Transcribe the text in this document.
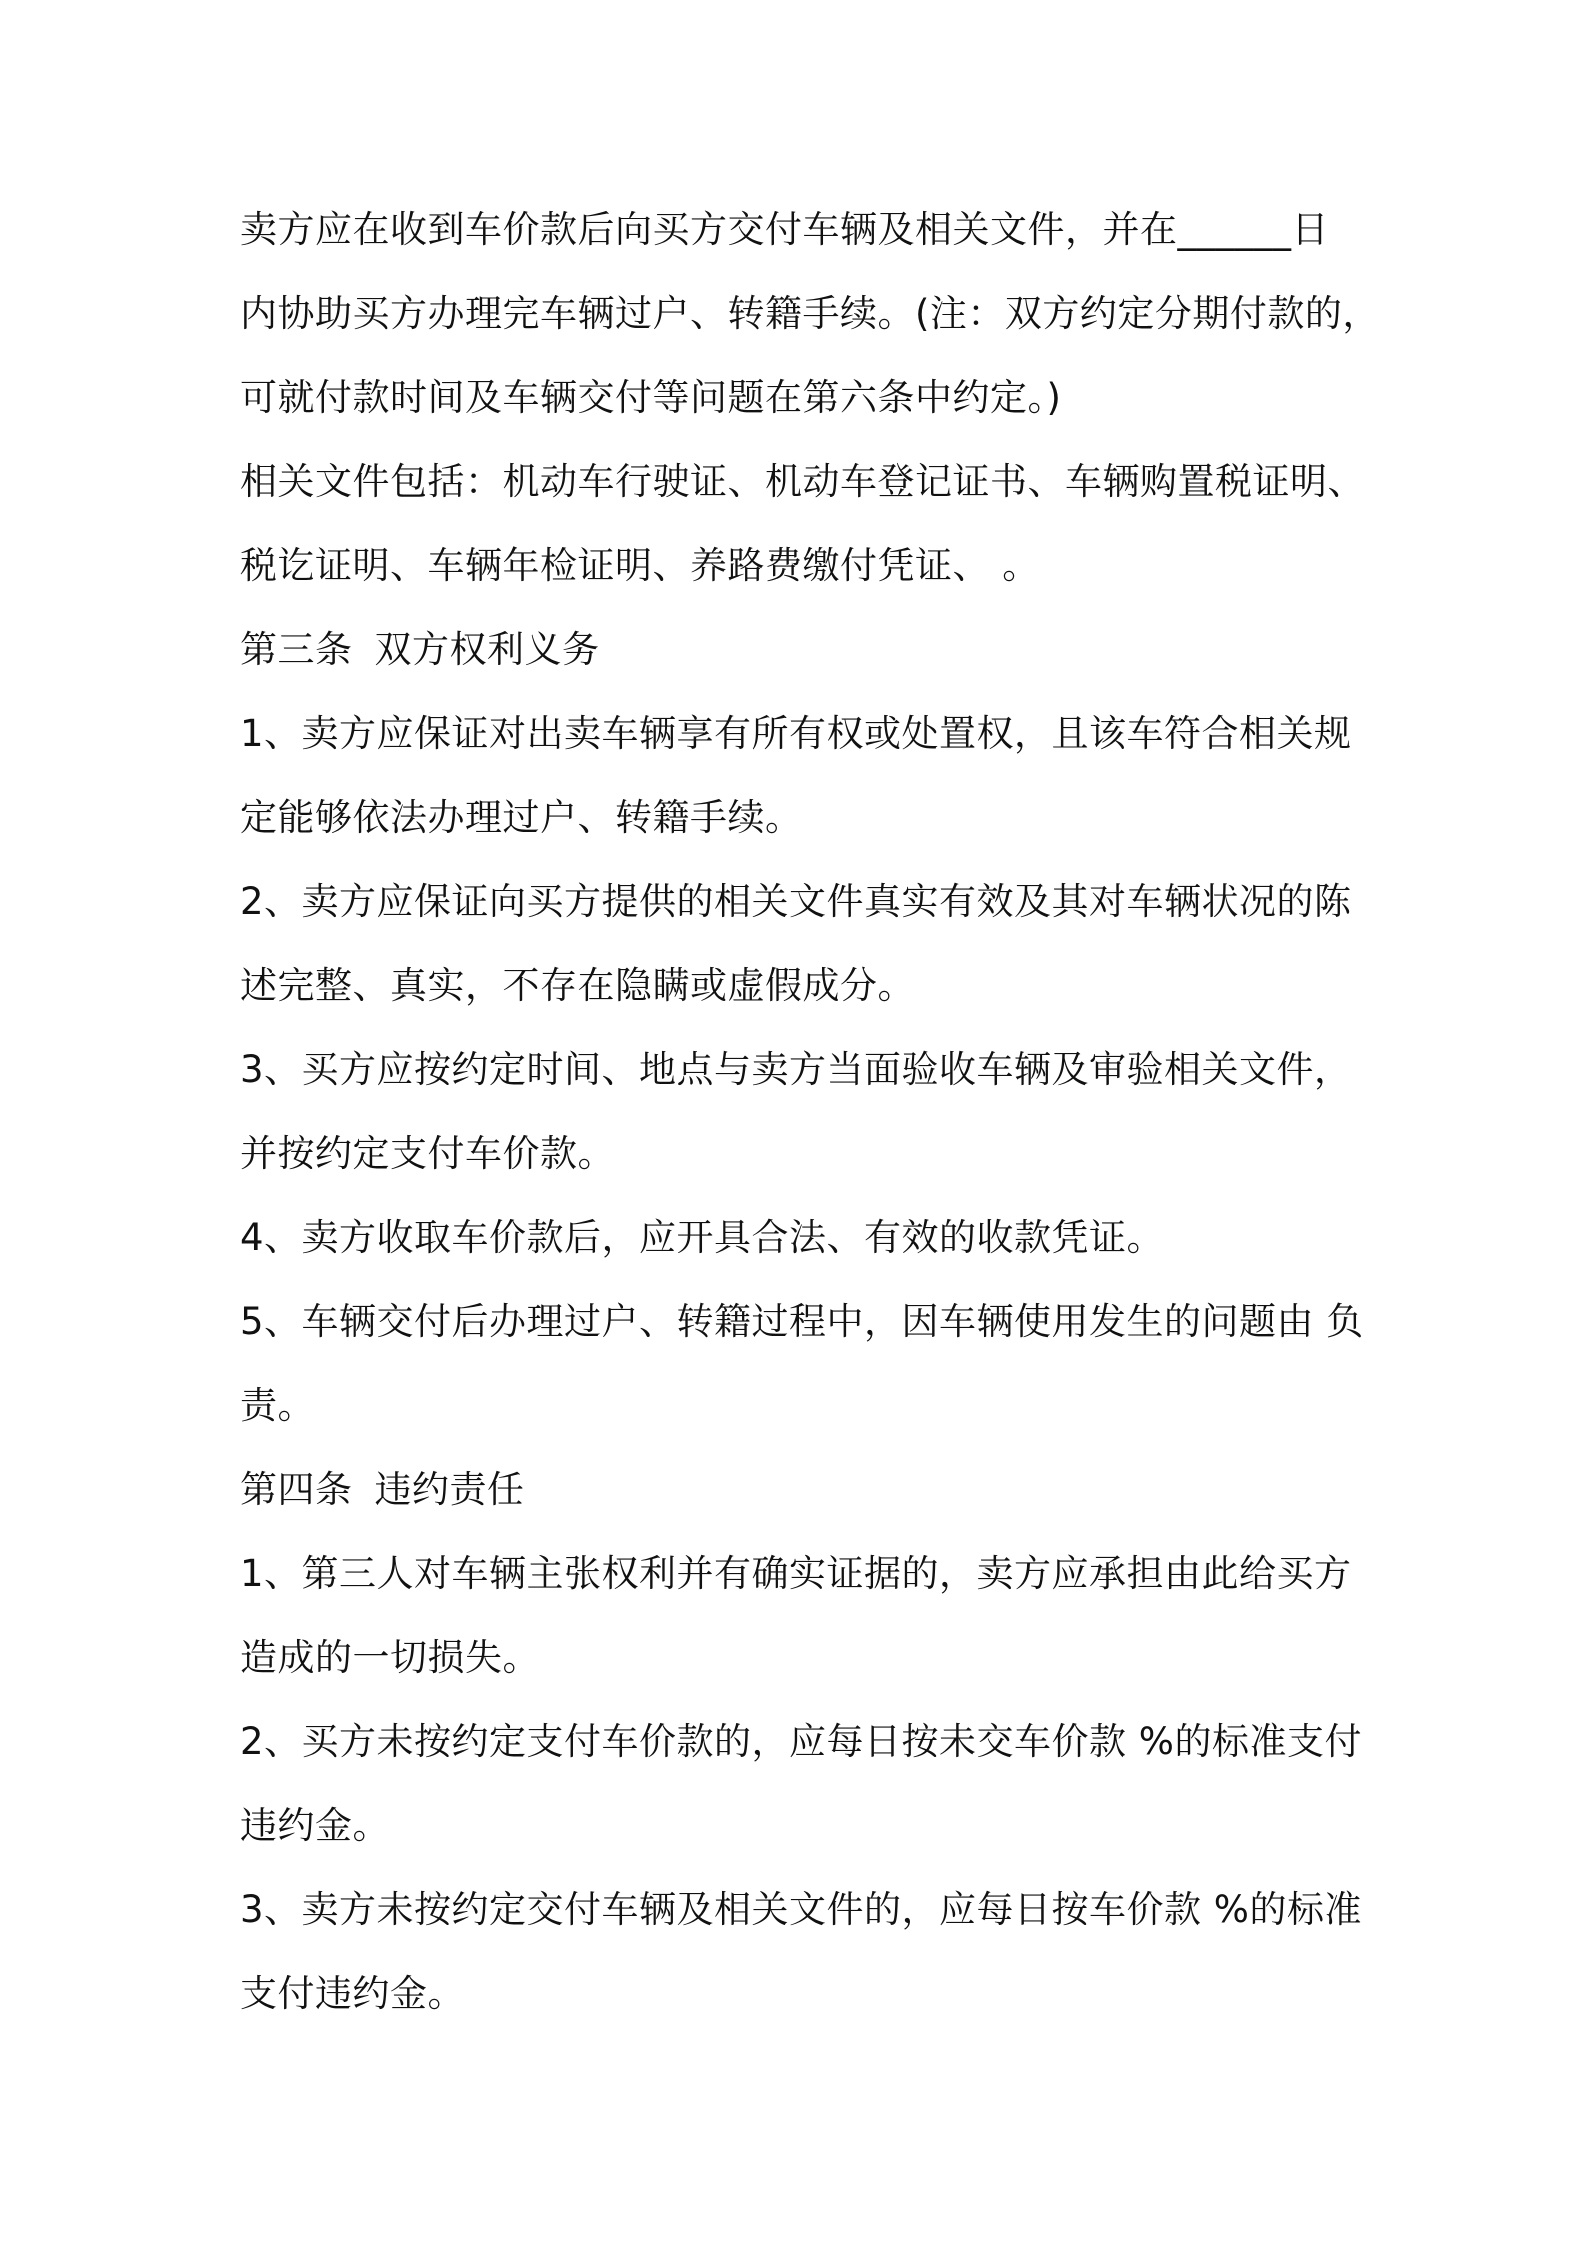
卖方应在收到车价款后向买方交付车辆及相关文件，并在______日
内协助买方办理完车辆过户、转籍手续。(注：双方约定分期付款的，
可就付款时间及车辆交付等问题在第六条中约定。)
相关文件包括：机动车行驶证、机动车登记证书、车辆购置税证明、
税讫证明、车辆年检证明、养路费缴付凭证、 。
第三条 双方权利义务
1、卖方应保证对出卖车辆享有所有权或处置权，且该车符合相关规
定能够依法办理过户、转籍手续。
2、卖方应保证向买方提供的相关文件真实有效及其对车辆状况的陈
述完整、真实，不存在隐瞒或虚假成分。
3、买方应按约定时间、地点与卖方当面验收车辆及审验相关文件，
并按约定支付车价款。
4、卖方收取车价款后，应开具合法、有效的收款凭证。
5、车辆交付后办理过户、转籍过程中，因车辆使用发生的问题由 负
责。
第四条 违约责任
1、第三人对车辆主张权利并有确实证据的，卖方应承担由此给买方
造成的一切损失。
2、买方未按约定支付车价款的，应每日按未交车价款 %的标准支付
违约金。
3、卖方未按约定交付车辆及相关文件的，应每日按车价款 %的标准
支付违约金。
